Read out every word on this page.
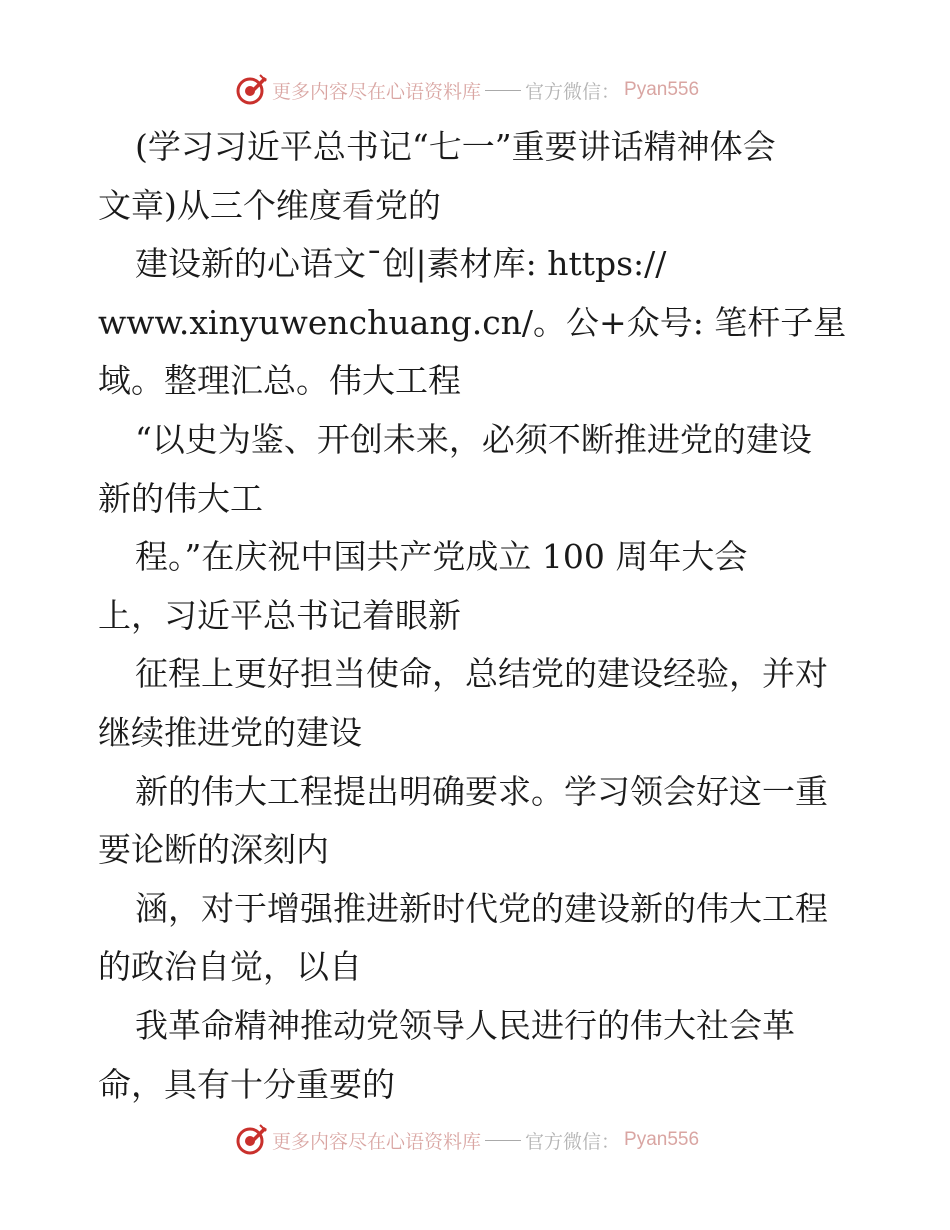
更多内容尽在心语资料库 官方微信： Pyan556
(学习习近平总书记“七一”重要讲话精神体会
文章)从三个维度看党的
建设新的心语文¯创|素材库: https://
www.xinyuwenchuang.cn/。公+众号: 笔杆子星
域。整理汇总。伟大工程
“以史为鉴、开创未来，必须不断推进党的建设
新的伟大工
程。”在庆祝中国共产党成立 100 周年大会
上，习近平总书记着眼新
征程上更好担当使命，总结党的建设经验，并对
继续推进党的建设
新的伟大工程提出明确要求。学习领会好这一重
要论断的深刻内
涵，对于增强推进新时代党的建设新的伟大工程
的政治自觉，以自
我革命精神推动党领导人民进行的伟大社会革
命，具有十分重要的
更多内容尽在心语资料库 官方微信： Pyan556
